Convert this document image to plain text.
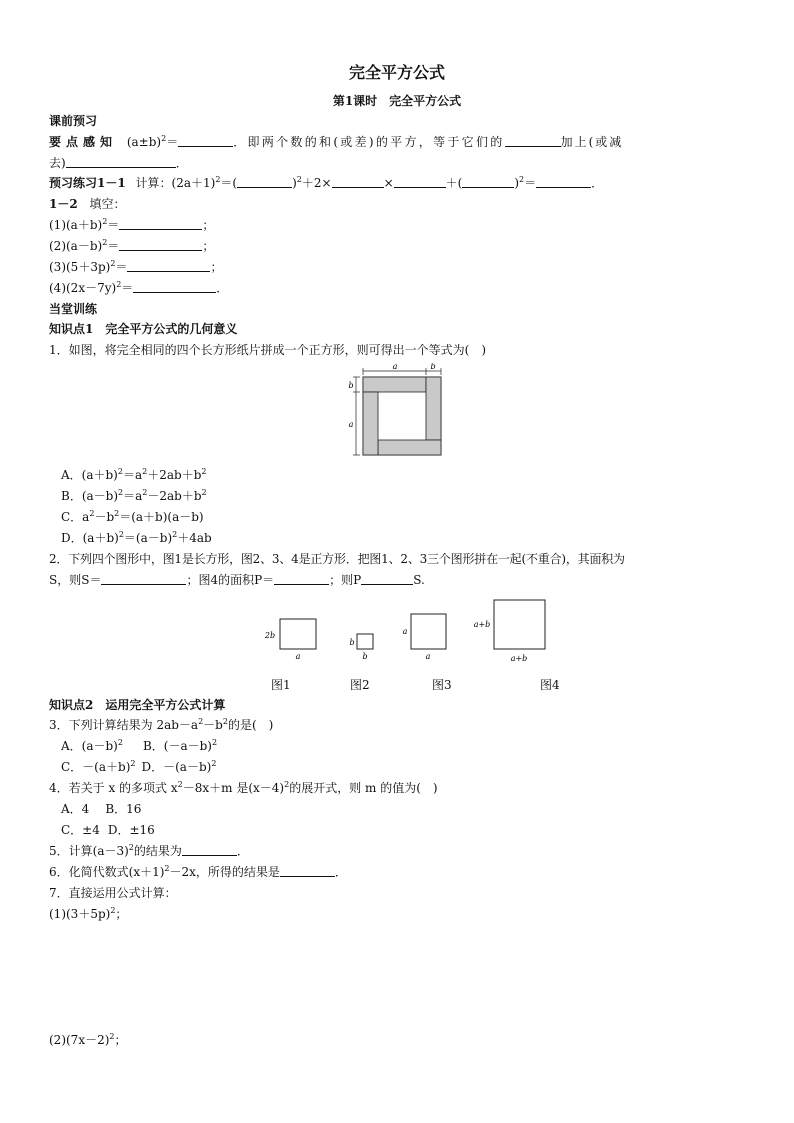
完全平方公式
第1课时　完全平方公式
课前预习
要点感知 $(a\pm b)^2=$	．即两个数的和(或差)的平方，等于它们的	加上(或减
去)	．
预习练习1－1 计算：$(2a+1)^2=$(	)$^2$＋2×	×	＋(	)$^2$＝	．
1－2 填空：
$(1)(a+b)^2=$	；
$(2)(a-b)^2=$	；
$(3)(5+3p)^2=$	；
$(4)(2x-7y)^2=$	．
当堂训练
知识点1　完全平方公式的几何意义
1．如图，将完全相同的四个长方形纸片拼成一个正方形，则可得出一个等式为(　)
a	b
b
a
A．$(a+b)^2=a^2+2ab+b^2$
B．$(a-b)^2=a^2-2ab+b^2$
C．$a^2-b^2=(a+b)(a-b)$
D．$(a+b)^2=(a-b)^2+4ab$
2．下列四个图形中，图1是长方形，图2、3、4是正方形．把图1、2、3三个图形拼在一起(不重合)，其面积为
S，则S＝	；图4的面积P＝	；则P	S.
2b
a
b
b
a
a
a+b
a+b
图1	图2	图3	图4
知识点2　运用完全平方公式计算
3．下列计算结果为 $2ab-a^2-b^2$的是(　)
A．$(a-b)^2$ B．$(-a-b)^2$
C．$-(a+b)^2$ D．$-(a-b)^2$
4．若关于 x 的多项式 $x^2-8x+m$ 是$(x-4)^2$的展开式，则 m 的值为(　)
A．4 B．16
C．±4 D．±16
5．计算$(a-3)^2$的结果为	．
6．化简代数式$(x+1)^2-2x$，所得的结果是	．
7．直接运用公式计算：
$(1)(3+5p)^2$；
$(2)(7x-2)^2$；
